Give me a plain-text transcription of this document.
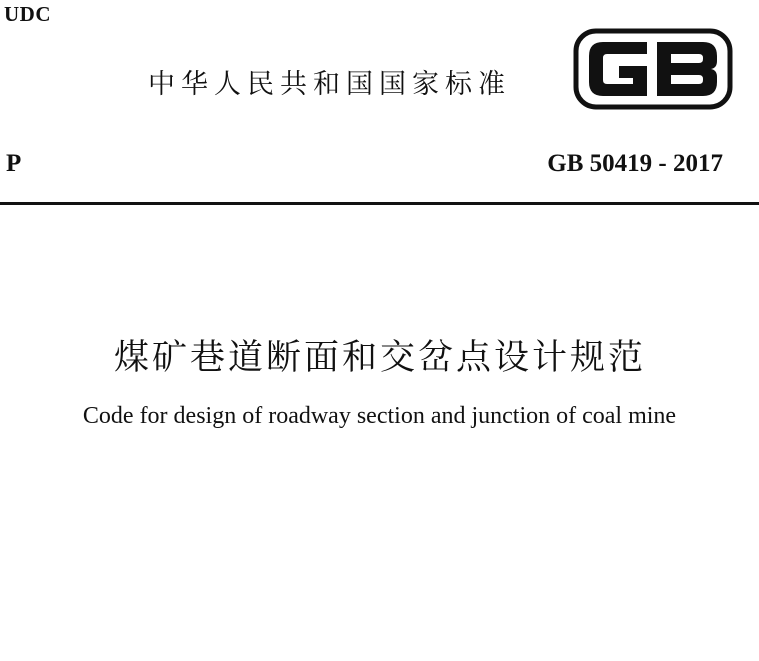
UDC
中华人民共和国国家标准
P	GB 50419 - 2017
煤矿巷道断面和交岔点设计规范
Code for design of roadway section and junction of coal mine
